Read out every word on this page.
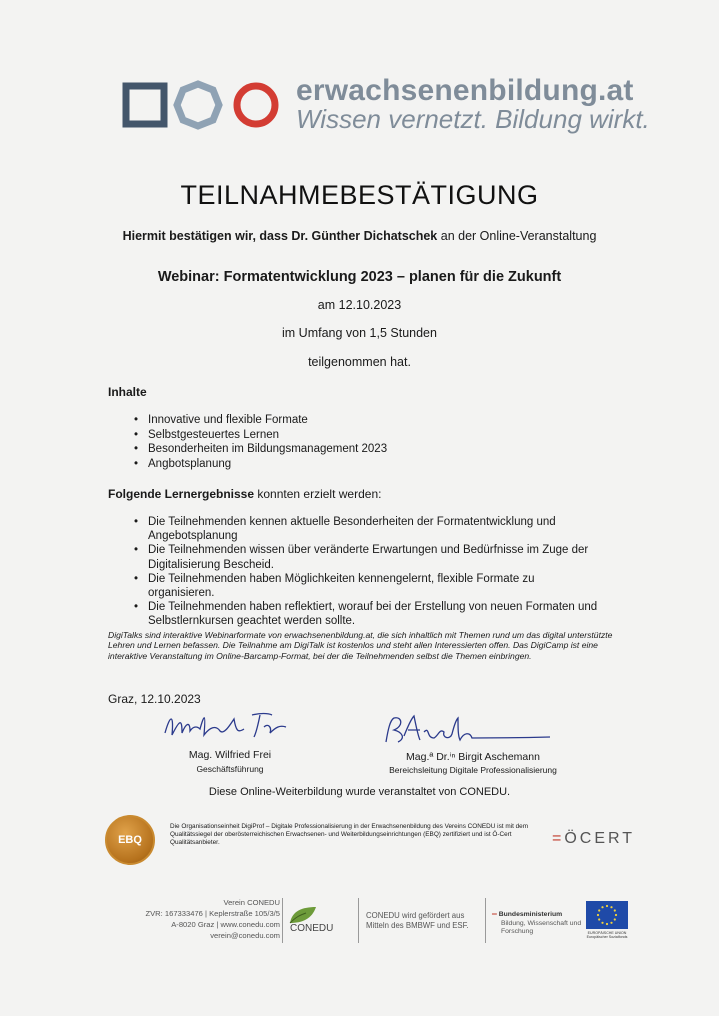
erwachsenenbildung.at
Wissen vernetzt. Bildung wirkt.
TEILNAHMEBESTÄTIGUNG
Hiermit bestätigen wir, dass Dr. Günther Dichatschek an der Online-Veranstaltung
Webinar: Formatentwicklung 2023 – planen für die Zukunft
am 12.10.2023
im Umfang von 1,5 Stunden
teilgenommen hat.
Inhalte
• Innovative und flexible Formate
• Selbstgesteuertes Lernen
• Besonderheiten im Bildungsmanagement 2023
• Angbotsplanung
Folgende Lernergebnisse konnten erzielt werden:
• Die Teilnehmenden kennen aktuelle Besonderheiten der Formatentwicklung und Angebotsplanung
• Die Teilnehmenden wissen über veränderte Erwartungen und Bedürfnisse im Zuge der Digitalisierung Bescheid.
• Die Teilnehmenden haben Möglichkeiten kennengelernt, flexible Formate zu organisieren.
• Die Teilnehmenden haben reflektiert, worauf bei der Erstellung von neuen Formaten und Selbstlernkursen geachtet werden sollte.
DigiTalks sind interaktive Webinarformate von erwachsenenbildung.at, die sich inhaltlich mit Themen rund um das digital unterstützte Lehren und Lernen befassen. Die Teilnahme am DigiTalk ist kostenlos und steht allen Interessierten offen. Das DigiCamp ist eine interaktive Veranstaltung im Online-Barcamp-Format, bei der die Teilnehmenden selbst die Themen einbringen.
Graz, 12.10.2023
Mag. Wilfried Frei
Geschäftsführung
Mag.ª Dr.ⁱⁿ Birgit Aschemann
Bereichsleitung Digitale Professionalisierung
Diese Online-Weiterbildung wurde veranstaltet von CONEDU.
EBQ
Die Organisationseinheit DigiProf – Digitale Professionalisierung in der Erwachsenenbildung des Vereins CONEDU ist mit dem Qualitätssiegel der oberösterreichischen Erwachsenen- und Weiterbildungseinrichtungen (EBQ) zertifiziert und ist Ö-Cert Qualitätsanbieter.	=ÖCERT
Verein CONEDU
ZVR: 167333476 | Keplerstraße 105/3/5
A-8020 Graz | www.conedu.com
verein@conedu.com
CONEDU
CONEDU wird gefördert aus Mitteln des BMBWF und ESF.
═ Bundesministerium
Bildung, Wissenschaft und Forschung	EUROPÄISCHE UNION Europäischer Sozialfonds
